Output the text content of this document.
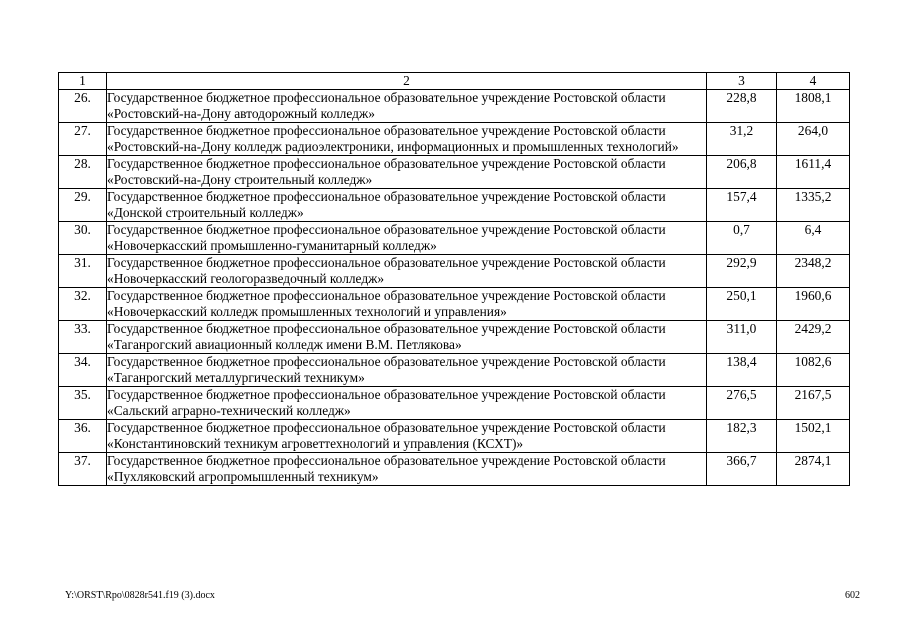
1	2	3	4
26.	Государственное бюджетное профессиональное образовательное учреждение Ростовской области «Ростовский-на-Дону автодорожный колледж»	228,8	1808,1
27.	Государственное бюджетное профессиональное образовательное учреждение Ростовской области «Ростовский-на-Дону колледж радиоэлектроники, информационных и промышленных технологий»	31,2	264,0
28.	Государственное бюджетное профессиональное образовательное учреждение Ростовской области «Ростовский-на-Дону строительный колледж»	206,8	1611,4
29.	Государственное бюджетное профессиональное образовательное учреждение Ростовской области «Донской строительный колледж»	157,4	1335,2
30.	Государственное бюджетное профессиональное образовательное учреждение Ростовской области «Новочеркасский промышленно-гуманитарный колледж»	0,7	6,4
31.	Государственное бюджетное профессиональное образовательное учреждение Ростовской области «Новочеркасский геологоразведочный колледж»	292,9	2348,2
32.	Государственное бюджетное профессиональное образовательное учреждение Ростовской области «Новочеркасский колледж промышленных технологий и управления»	250,1	1960,6
33.	Государственное бюджетное профессиональное образовательное учреждение Ростовской области «Таганрогский авиационный колледж имени В.М. Петлякова»	311,0	2429,2
34.	Государственное бюджетное профессиональное образовательное учреждение Ростовской области «Таганрогский металлургический техникум»	138,4	1082,6
35.	Государственное бюджетное профессиональное образовательное учреждение Ростовской области «Сальский аграрно-технический колледж»	276,5	2167,5
36.	Государственное бюджетное профессиональное образовательное учреждение Ростовской области «Константиновский техникум агроветтехнологий и управления (КСХТ)»	182,3	1502,1
37.	Государственное бюджетное профессиональное образовательное учреждение Ростовской области «Пухляковский агропромышленный техникум»	366,7	2874,1
Y:\ORST\Rpo\0828r541.f19 (3).docx	602
